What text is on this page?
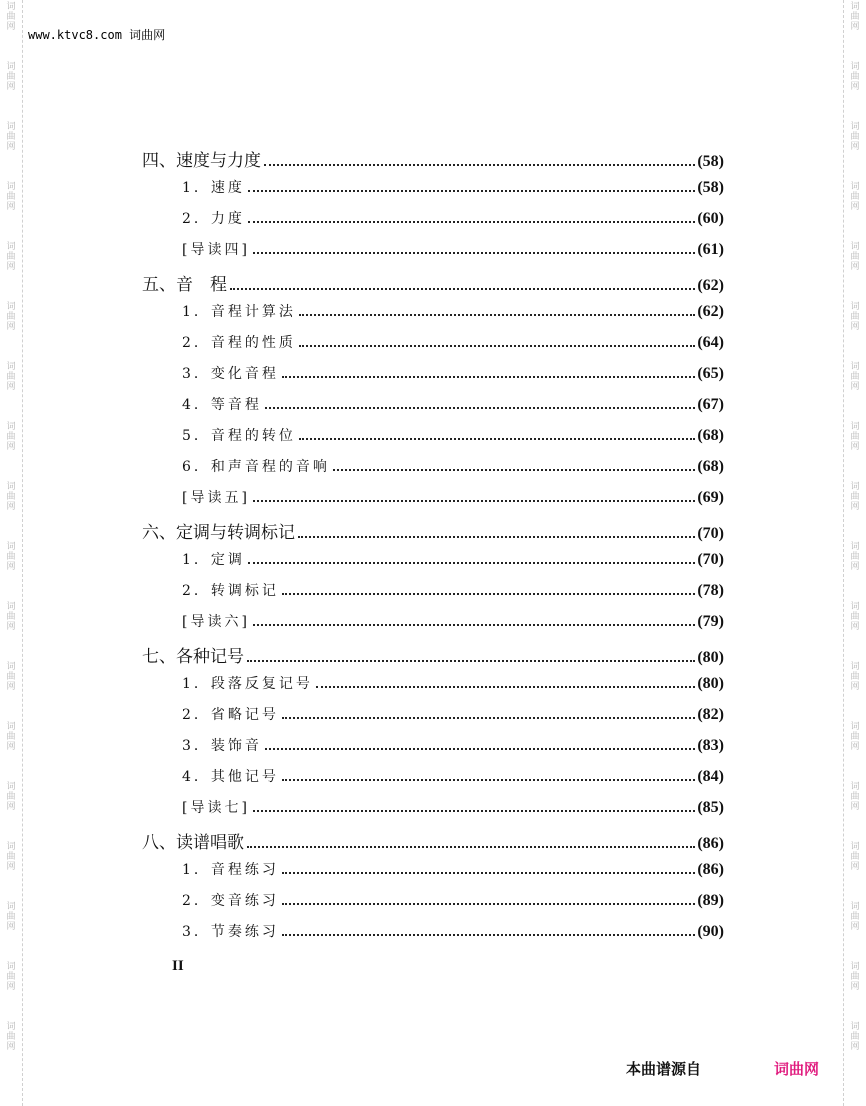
词曲网
词曲网
词曲网
词曲网
词曲网
词曲网
词曲网
词曲网
词曲网
词曲网
词曲网
词曲网
词曲网
词曲网
词曲网
词曲网
词曲网
词曲网
词曲网
词曲网
词曲网
词曲网
词曲网
词曲网
词曲网
词曲网
词曲网
词曲网
词曲网
词曲网
词曲网
词曲网
词曲网
词曲网
词曲网
词曲网
www.ktvc8.com 词曲网
四、速度与力度	(58)
1．速度	(58)
2．力度	(60)
[导读四]	(61)
五、音　程	(62)
1．音程计算法	(62)
2．音程的性质	(64)
3．变化音程	(65)
4．等音程	(67)
5．音程的转位	(68)
6．和声音程的音响	(68)
[导读五]	(69)
六、定调与转调标记	(70)
1．定调	(70)
2．转调标记	(78)
[导读六]	(79)
七、各种记号	(80)
1．段落反复记号	(80)
2．省略记号	(82)
3．装饰音	(83)
4．其他记号	(84)
[导读七]	(85)
八、读谱唱歌	(86)
1．音程练习	(86)
2．变音练习	(89)
3．节奏练习	(90)
II
本曲谱源自	词曲网
